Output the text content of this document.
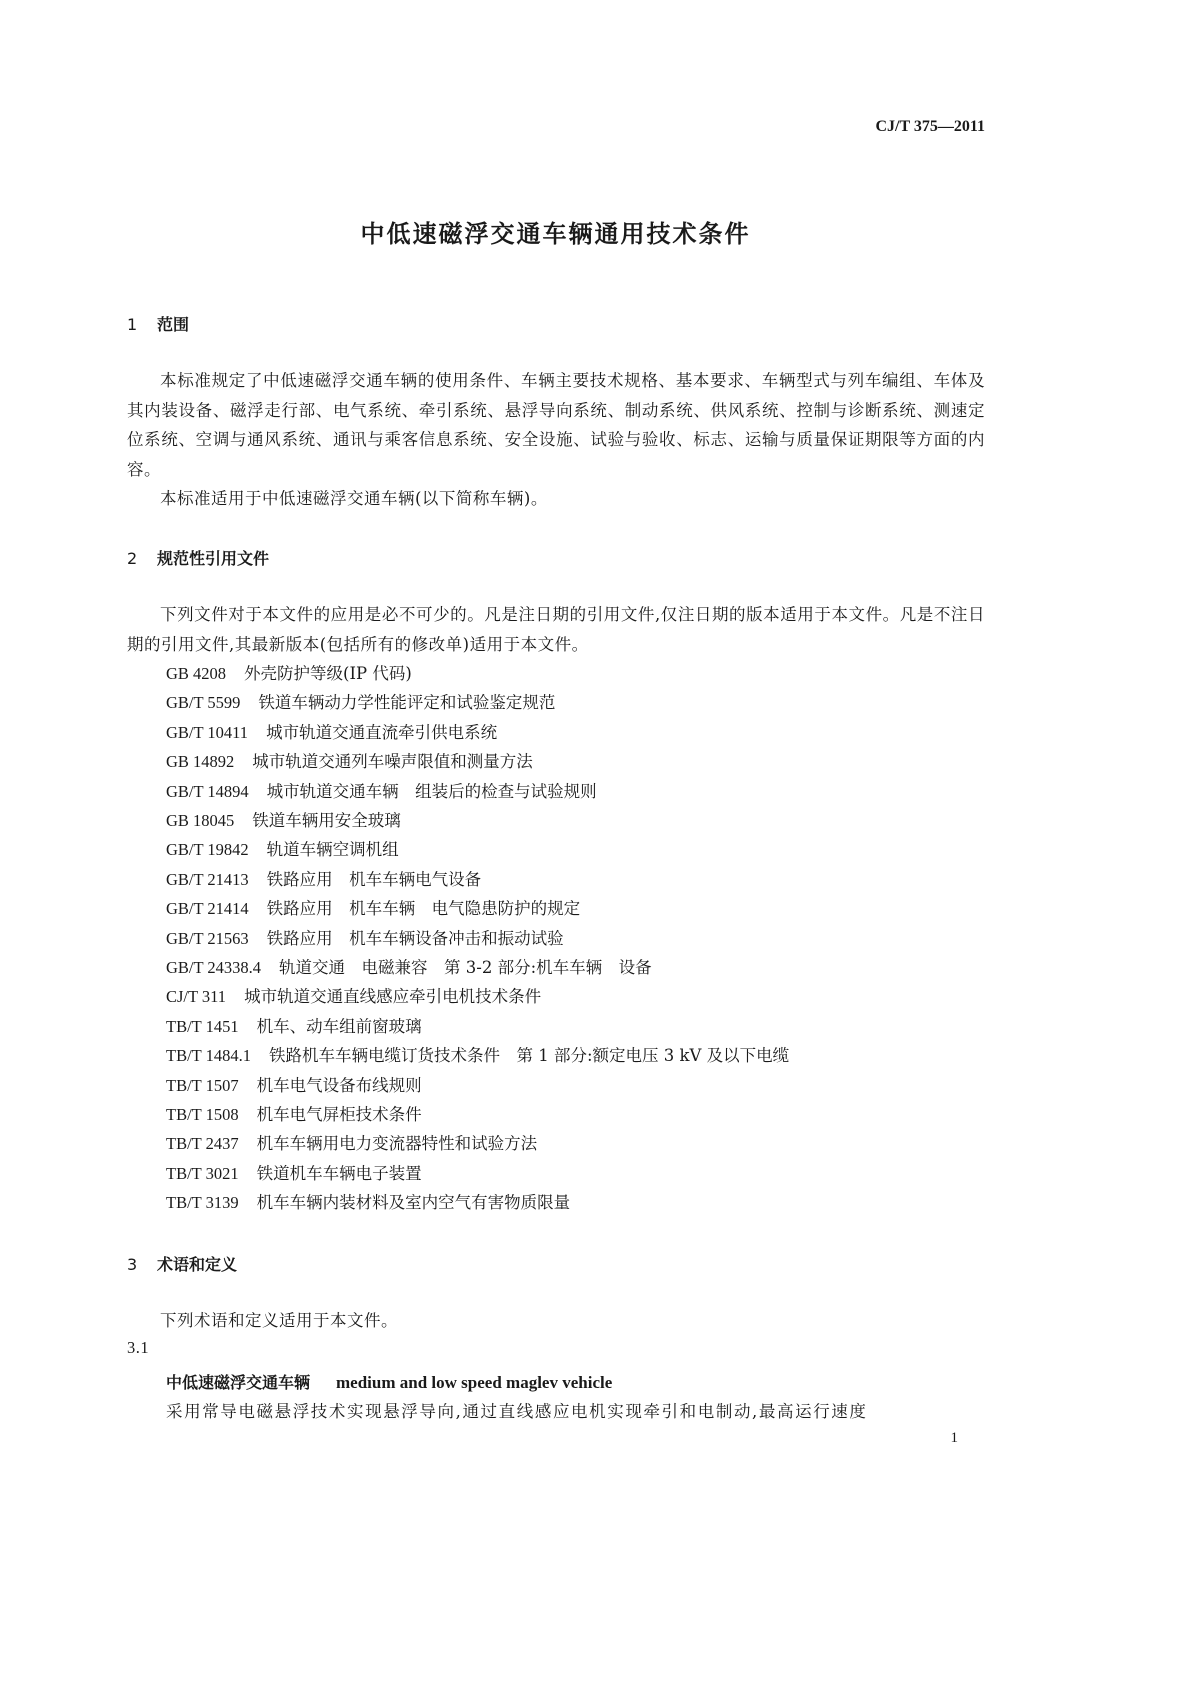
CJ/T 375—2011
中低速磁浮交通车辆通用技术条件
1 范围
本标准规定了中低速磁浮交通车辆的使用条件、车辆主要技术规格、基本要求、车辆型式与列车编组、车体及其内装设备、磁浮走行部、电气系统、牵引系统、悬浮导向系统、制动系统、供风系统、控制与诊断系统、测速定位系统、空调与通风系统、通讯与乘客信息系统、安全设施、试验与验收、标志、运输与质量保证期限等方面的内容。
本标准适用于中低速磁浮交通车辆(以下简称车辆)。
2 规范性引用文件
下列文件对于本文件的应用是必不可少的。凡是注日期的引用文件,仅注日期的版本适用于本文件。凡是不注日期的引用文件,其最新版本(包括所有的修改单)适用于本文件。
GB 4208 外壳防护等级(IP 代码)
GB/T 5599 铁道车辆动力学性能评定和试验鉴定规范
GB/T 10411 城市轨道交通直流牵引供电系统
GB 14892 城市轨道交通列车噪声限值和测量方法
GB/T 14894 城市轨道交通车辆　组装后的检查与试验规则
GB 18045 铁道车辆用安全玻璃
GB/T 19842 轨道车辆空调机组
GB/T 21413 铁路应用　机车车辆电气设备
GB/T 21414 铁路应用　机车车辆　电气隐患防护的规定
GB/T 21563 铁路应用　机车车辆设备冲击和振动试验
GB/T 24338.4 轨道交通　电磁兼容　第 3-2 部分:机车车辆　设备
CJ/T 311 城市轨道交通直线感应牵引电机技术条件
TB/T 1451 机车、动车组前窗玻璃
TB/T 1484.1 铁路机车车辆电缆订货技术条件　第 1 部分:额定电压 3 kV 及以下电缆
TB/T 1507 机车电气设备布线规则
TB/T 1508 机车电气屏柜技术条件
TB/T 2437 机车车辆用电力变流器特性和试验方法
TB/T 3021 铁道机车车辆电子装置
TB/T 3139 机车车辆内装材料及室内空气有害物质限量
3 术语和定义
下列术语和定义适用于本文件。
3.1
中低速磁浮交通车辆 medium and low speed maglev vehicle
采用常导电磁悬浮技术实现悬浮导向,通过直线感应电机实现牵引和电制动,最高运行速度
1
